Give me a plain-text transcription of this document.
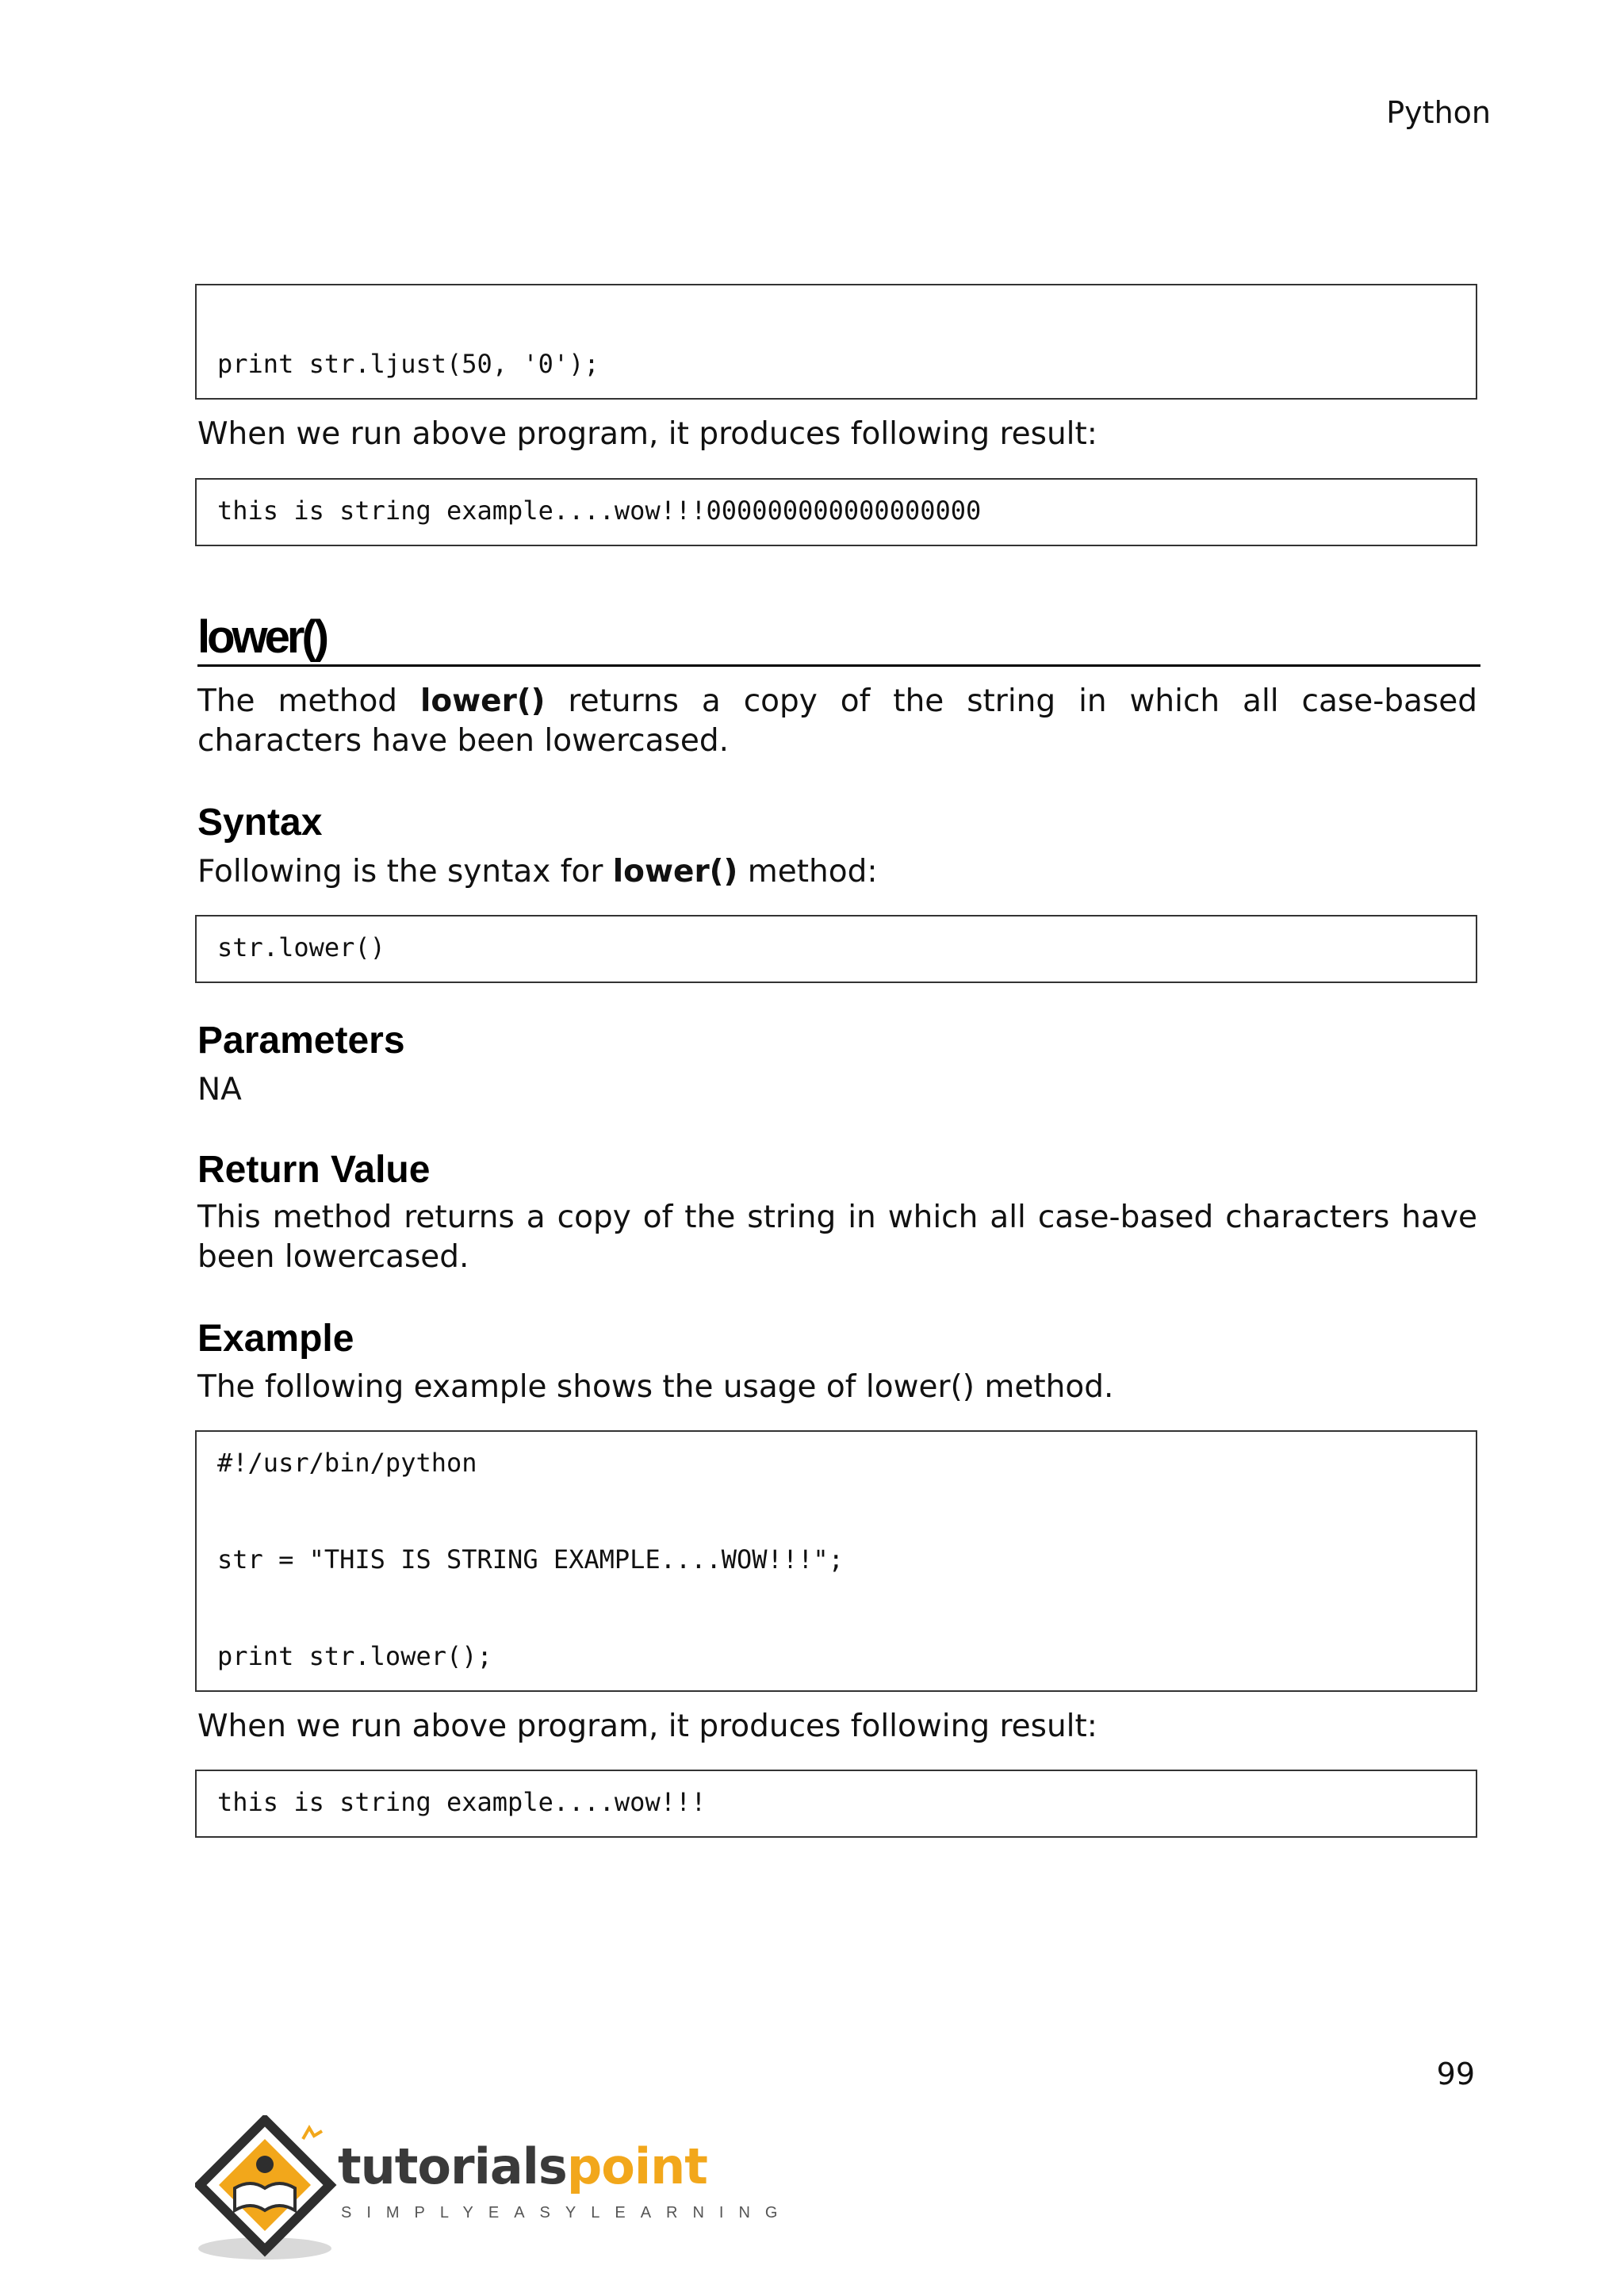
Python
print str.ljust(50, '0');
When we run above program, it produces following result:
this is string example....wow!!!000000000000000000
lower()
The method lower() returns a copy of the string in which all case-based characters have been lowercased.
Syntax
Following is the syntax for lower() method:
str.lower()
Parameters
NA
Return Value
This method returns a copy of the string in which all case-based characters have been lowercased.
Example
The following example shows the usage of lower() method.
#!/usr/bin/python
str = "THIS IS STRING EXAMPLE....WOW!!!";
print str.lower();
When we run above program, it produces following result:
this is string example....wow!!!
99
tutorialspoint
SIMPLYEASYLEARNING
